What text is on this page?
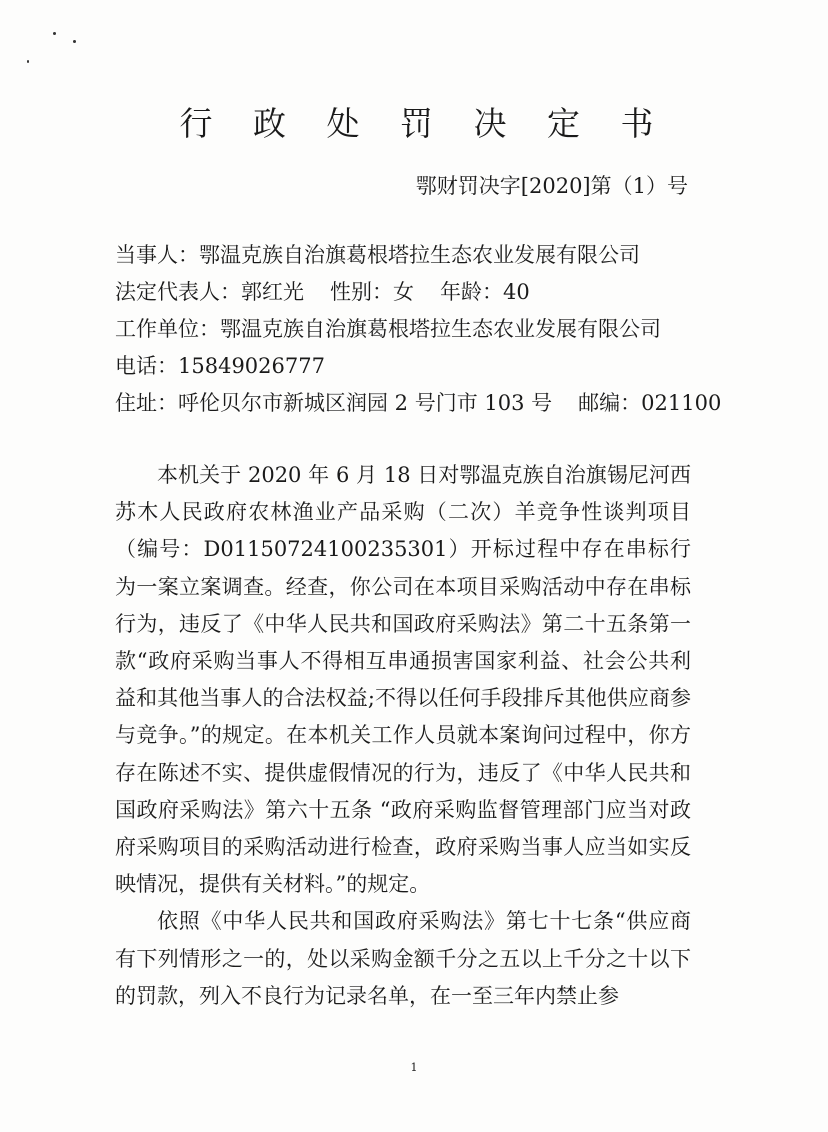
行 政 处 罚 决 定 书

鄂财罚决字[2020]第（1）号

当事人：鄂温克族自治旗葛根塔拉生态农业发展有限公司

法定代表人：郭红光 性别：女 年龄：40

工作单位：鄂温克族自治旗葛根塔拉生态农业发展有限公司

电话：15849026777

住址：呼伦贝尔市新城区润园 2 号门市 103 号 邮编：021100

本机关于 2020 年 6 月 18 日对鄂温克族自治旗锡尼河西苏木人民政府农林渔业产品采购（二次）羊竞争性谈判项目（编号：D01150724100235301）开标过程中存在串标行为一案立案调查。经查，你公司在本项目采购活动中存在串标行为，违反了《中华人民共和国政府采购法》第二十五条第一款“政府采购当事人不得相互串通损害国家利益、社会公共利益和其他当事人的合法权益;不得以任何手段排斥其他供应商参与竞争。”的规定。在本机关工作人员就本案询问过程中，你方存在陈述不实、提供虚假情况的行为，违反了《中华人民共和国政府采购法》第六十五条 “政府采购监督管理部门应当对政府采购项目的采购活动进行检查，政府采购当事人应当如实反映情况，提供有关材料。”的规定。

依照《中华人民共和国政府采购法》第七十七条“供应商有下列情形之一的，处以采购金额千分之五以上千分之十以下的罚款，列入不良行为记录名单，在一至三年内禁止参

1
